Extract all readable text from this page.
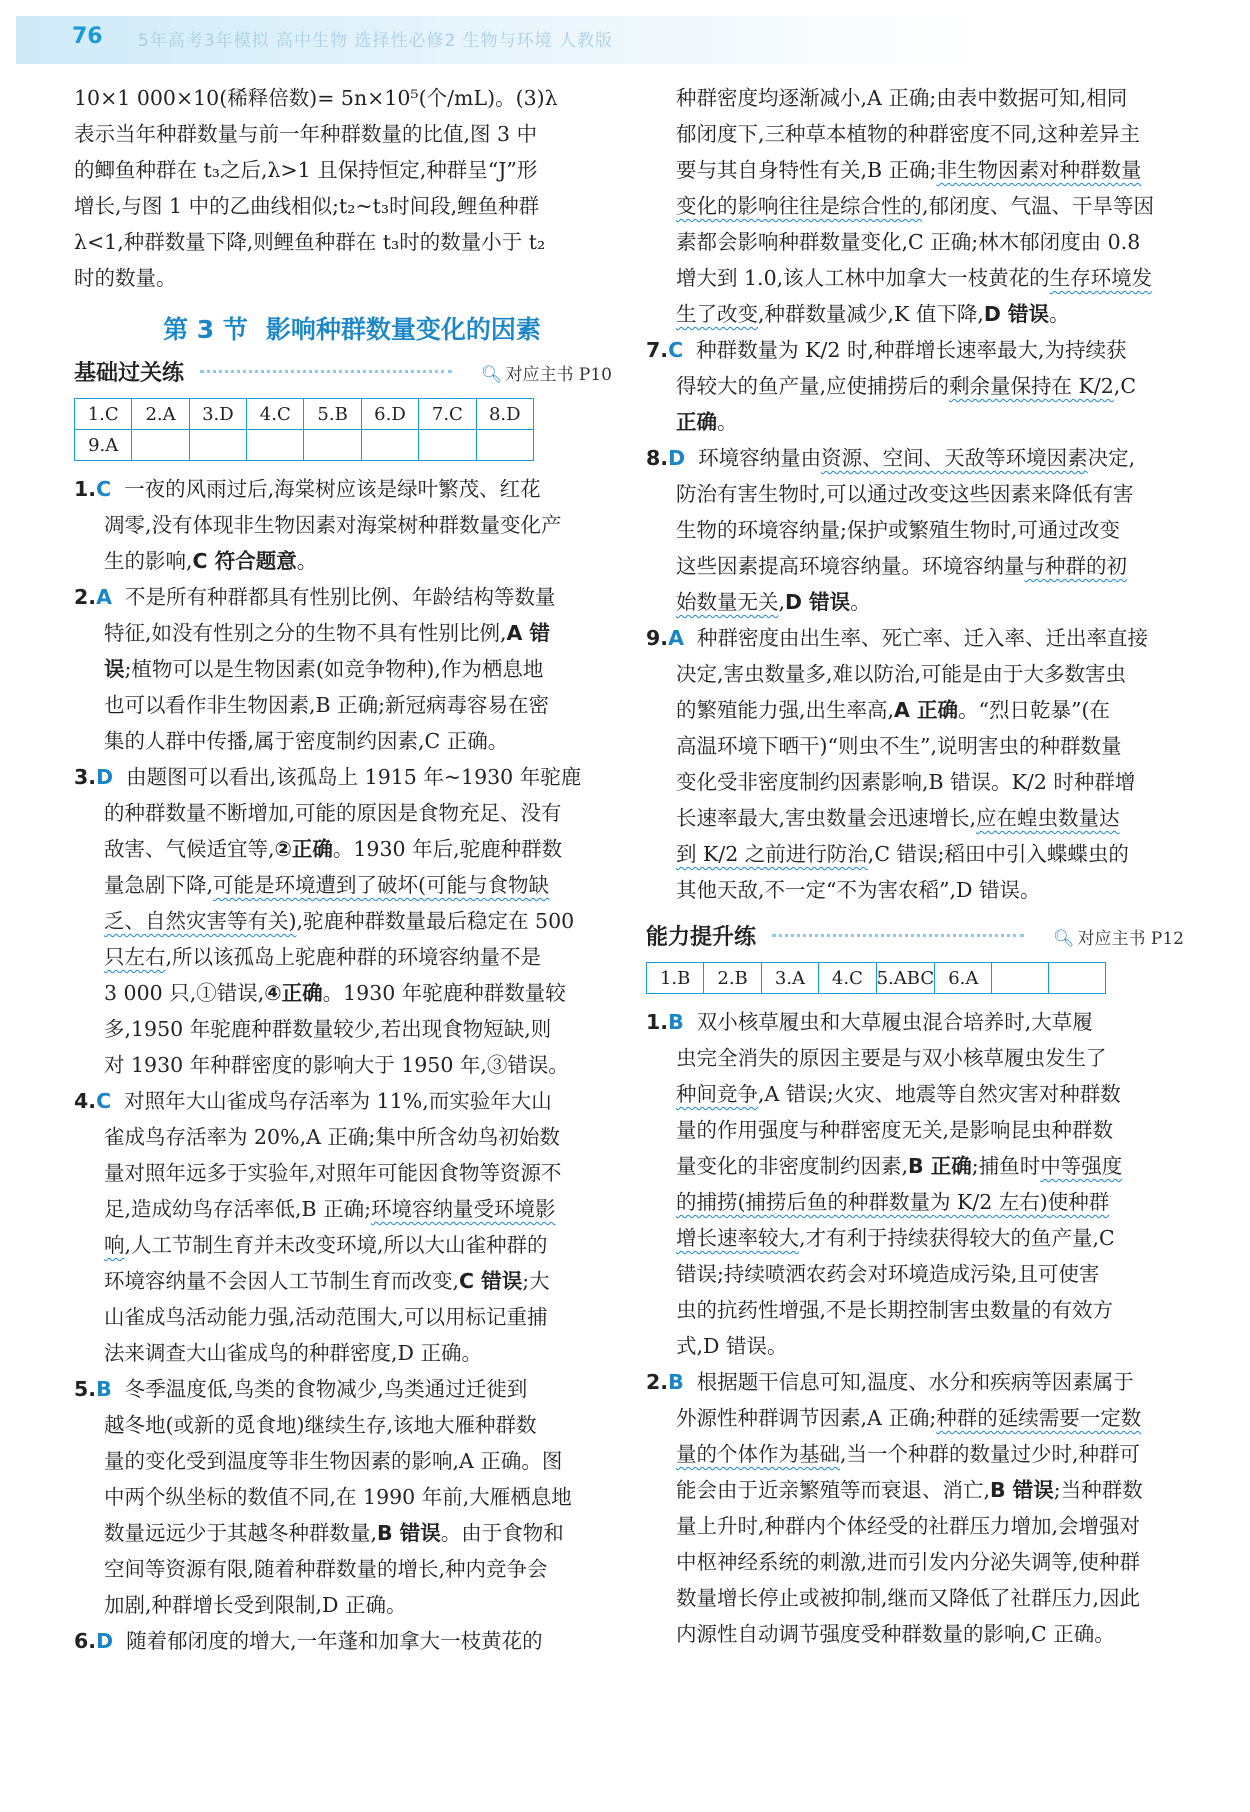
76 5年高考3年模拟 高中生物 选择性必修2 生物与环境 人教版

10×1 000×10(稀释倍数)= 5n×10⁵(个/mL)。(3)λ

表示当年种群数量与前一年种群数量的比值,图 3 中

的鲫鱼种群在 t₃之后,λ>1 且保持恒定,种群呈“J”形

增长,与图 1 中的乙曲线相似;t₂~t₃时间段,鲤鱼种群

λ<1,种群数量下降,则鲤鱼种群在 t₃时的数量小于 t₂

时的数量。

第 3 节 影响种群数量变化的因素
基础过关练	🔍︎ 对应主书 P10
1.C	2.A	3.D	4.C	5.B	6.D	7.C	8.D
9.A							

1.C 一夜的风雨过后,海棠树应该是绿叶繁茂、红花

凋零,没有体现非生物因素对海棠树种群数量变化产

生的影响,C 符合题意。

2.A 不是所有种群都具有性别比例、年龄结构等数量

特征,如没有性别之分的生物不具有性别比例,A 错

误;植物可以是生物因素(如竞争物种),作为栖息地

也可以看作非生物因素,B 正确;新冠病毒容易在密

集的人群中传播,属于密度制约因素,C 正确。

3.D 由题图可以看出,该孤岛上 1915 年~1930 年驼鹿

的种群数量不断增加,可能的原因是食物充足、没有

敌害、气候适宜等,②正确。1930 年后,驼鹿种群数

量急剧下降,可能是环境遭到了破坏(可能与食物缺

乏、自然灾害等有关),驼鹿种群数量最后稳定在 500

只左右,所以该孤岛上驼鹿种群的环境容纳量不是

3 000 只,①错误,④正确。1930 年驼鹿种群数量较

多,1950 年驼鹿种群数量较少,若出现食物短缺,则

对 1930 年种群密度的影响大于 1950 年,③错误。

4.C 对照年大山雀成鸟存活率为 11%,而实验年大山

雀成鸟存活率为 20%,A 正确;集中所含幼鸟初始数

量对照年远多于实验年,对照年可能因食物等资源不

足,造成幼鸟存活率低,B 正确;环境容纳量受环境影

响,人工节制生育并未改变环境,所以大山雀种群的

环境容纳量不会因人工节制生育而改变,C 错误;大

山雀成鸟活动能力强,活动范围大,可以用标记重捕

法来调查大山雀成鸟的种群密度,D 正确。

5.B 冬季温度低,鸟类的食物减少,鸟类通过迁徙到

越冬地(或新的觅食地)继续生存,该地大雁种群数

量的变化受到温度等非生物因素的影响,A 正确。图

中两个纵坐标的数值不同,在 1990 年前,大雁栖息地

数量远远少于其越冬种群数量,B 错误。由于食物和

空间等资源有限,随着种群数量的增长,种内竞争会

加剧,种群增长受到限制,D 正确。

6.D 随着郁闭度的增大,一年蓬和加拿大一枝黄花的

种群密度均逐渐减小,A 正确;由表中数据可知,相同

郁闭度下,三种草本植物的种群密度不同,这种差异主

要与其自身特性有关,B 正确;非生物因素对种群数量

变化的影响往往是综合性的,郁闭度、气温、干旱等因

素都会影响种群数量变化,C 正确;林木郁闭度由 0.8

增大到 1.0,该人工林中加拿大一枝黄花的生存环境发

生了改变,种群数量减少,K 值下降,D 错误。

7.C 种群数量为 K/2 时,种群增长速率最大,为持续获

得较大的鱼产量,应使捕捞后的剩余量保持在 K/2,C

正确。

8.D 环境容纳量由资源、空间、天敌等环境因素决定,

防治有害生物时,可以通过改变这些因素来降低有害

生物的环境容纳量;保护或繁殖生物时,可通过改变

这些因素提高环境容纳量。环境容纳量与种群的初

始数量无关,D 错误。

9.A 种群密度由出生率、死亡率、迁入率、迁出率直接

决定,害虫数量多,难以防治,可能是由于大多数害虫

的繁殖能力强,出生率高,A 正确。“烈日乾暴”(在

高温环境下晒干)“则虫不生”,说明害虫的种群数量

变化受非密度制约因素影响,B 错误。K/2 时种群增

长速率最大,害虫数量会迅速增长,应在蝗虫数量达

到 K/2 之前进行防治,C 错误;稻田中引入蝶蝶虫的

其他天敌,不一定“不为害农稻”,D 错误。

能力提升练	🔍︎ 对应主书 P12
1.B	2.B	3.A	4.C	5.ABC	6.A		

1.B 双小核草履虫和大草履虫混合培养时,大草履

虫完全消失的原因主要是与双小核草履虫发生了

种间竞争,A 错误;火灾、地震等自然灾害对种群数

量的作用强度与种群密度无关,是影响昆虫种群数

量变化的非密度制约因素,B 正确;捕鱼时中等强度

的捕捞(捕捞后鱼的种群数量为 K/2 左右)使种群

增长速率较大,才有利于持续获得较大的鱼产量,C

错误;持续喷洒农药会对环境造成污染,且可使害

虫的抗药性增强,不是长期控制害虫数量的有效方

式,D 错误。

2.B 根据题干信息可知,温度、水分和疾病等因素属于

外源性种群调节因素,A 正确;种群的延续需要一定数

量的个体作为基础,当一个种群的数量过少时,种群可

能会由于近亲繁殖等而衰退、消亡,B 错误;当种群数

量上升时,种群内个体经受的社群压力增加,会增强对

中枢神经系统的刺激,进而引发内分泌失调等,使种群

数量增长停止或被抑制,继而又降低了社群压力,因此

内源性自动调节强度受种群数量的影响,C 正确。
